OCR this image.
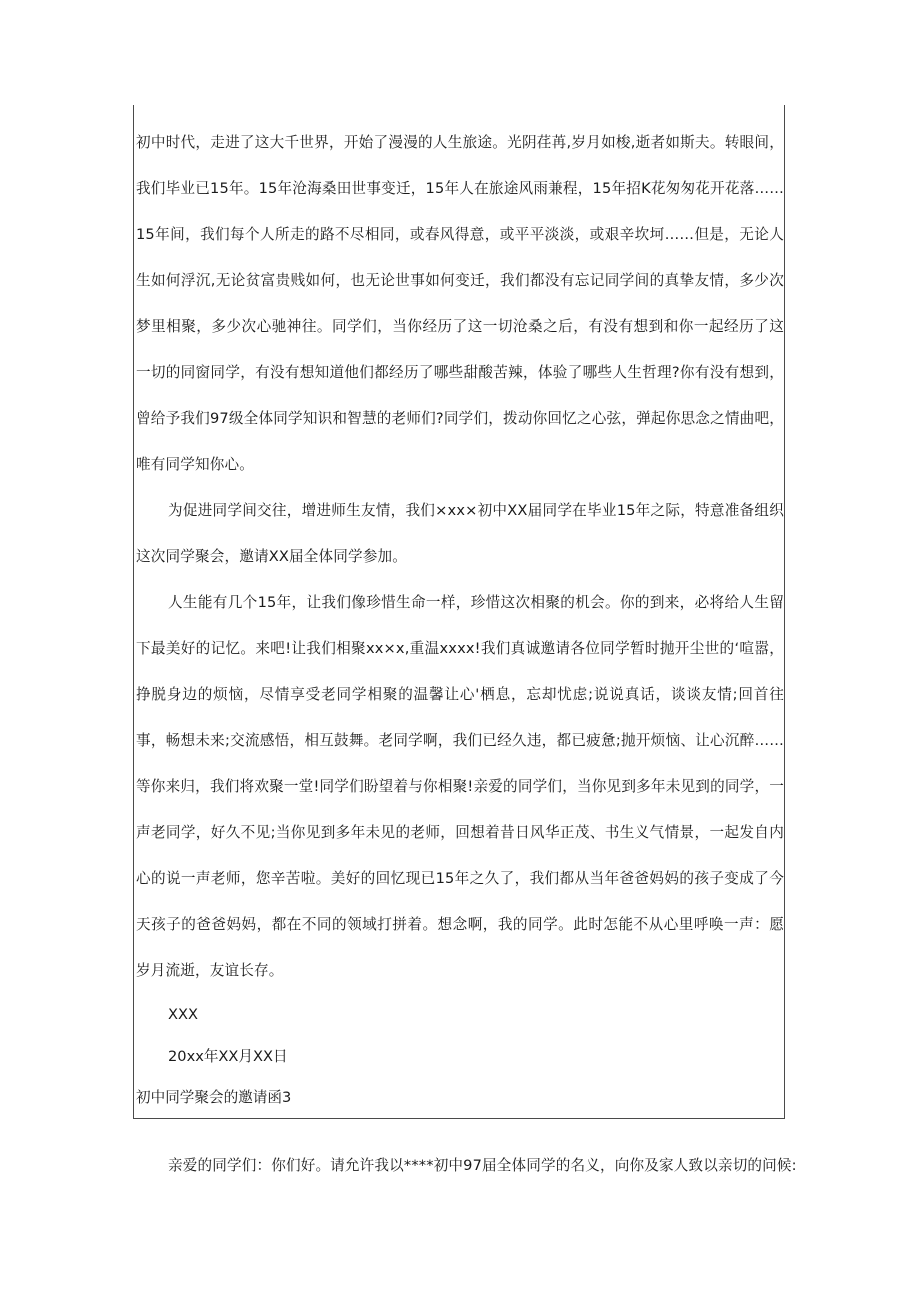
初中时代，走进了这大千世界，开始了漫漫的人生旅途。光阴荏苒,岁月如梭,逝者如斯夫。转眼间，我们毕业已15年。15年沧海桑田世事变迁，15年人在旅途风雨兼程，15年招K花匆匆花开花落……15年间，我们每个人所走的路不尽相同，或春风得意，或平平淡淡，或艰辛坎坷……但是，无论人生如何浮沉,无论贫富贵贱如何，也无论世事如何变迁，我们都没有忘记同学间的真挚友情，多少次梦里相聚，多少次心驰神往。同学们，当你经历了这一切沧桑之后，有没有想到和你一起经历了这一切的同窗同学，有没有想知道他们都经历了哪些甜酸苦辣，体验了哪些人生哲理?你有没有想到，曾给予我们97级全体同学知识和智慧的老师们?同学们，拨动你回忆之心弦，弹起你思念之情曲吧，唯有同学知你心。

为促进同学间交往，增进师生友情，我们×xx×初中XX届同学在毕业15年之际，特意准备组织这次同学聚会，邀请XX届全体同学参加。

人生能有几个15年，让我们像珍惜生命一样，珍惜这次相聚的机会。你的到来，必将给人生留下最美好的记忆。来吧!让我们相聚xx×x,重温xxxx!我们真诚邀请各位同学暂时抛开尘世的‘喧嚣，挣脱身边的烦恼，尽情享受老同学相聚的温馨让心'栖息，忘却忧虑;说说真话，谈谈友情;回首往事，畅想未来;交流感悟，相互鼓舞。老同学啊，我们已经久违，都已疲惫;抛开烦恼、让心沉醉……等你来归，我们将欢聚一堂!同学们盼望着与你相聚!亲爱的同学们，当你见到多年未见到的同学，一声老同学，好久不见;当你见到多年未见的老师，回想着昔日风华正茂、书生义气情景，一起发自内心的说一声老师，您辛苦啦。美好的回忆现已15年之久了，我们都从当年爸爸妈妈的孩子变成了今天孩子的爸爸妈妈，都在不同的领域打拼着。想念啊，我的同学。此时怎能不从心里呼唤一声：愿岁月流逝，友谊长存。

XXX

20xx年XX月XX日

初中同学聚会的邀请函3

亲爱的同学们：你们好。请允许我以****初中97届全体同学的名义，向你及家人致以亲切的问候:
